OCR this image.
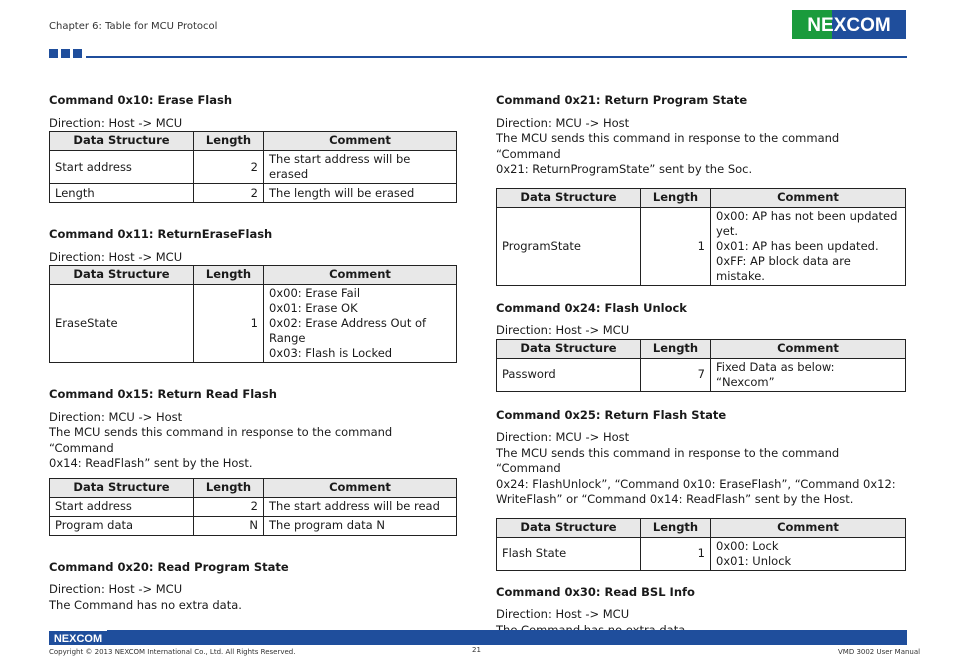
Chapter 6: Table for MCU Protocol	NEXCOM

Command 0x10: Erase Flash

Direction: Host -> MCU

Data Structure	Length	Comment
Start address	2	The start address will be erased
Length	2	The length will be erased

Command 0x11: ReturnEraseFlash

Direction: Host -> MCU

Data Structure	Length	Comment
EraseState	1	0x00: Erase Fail
0x01: Erase OK
0x02: Erase Address Out of Range
0x03: Flash is Locked

Command 0x15: Return Read Flash

Direction: MCU -> Host

The MCU sends this command in response to the command “Command

0x14: ReadFlash” sent by the Host.

Data Structure	Length	Comment
Start address	2	The start address will be read
Program data	N	The program data N

Command 0x20: Read Program State

Direction: Host -> MCU

The Command has no extra data.

Command 0x21: Return Program State

Direction: MCU -> Host

The MCU sends this command in response to the command “Command

0x21: ReturnProgramState” sent by the Soc.

Data Structure	Length	Comment
ProgramState	1	0x00: AP has not been updated yet.
0x01: AP has been updated.
0xFF: AP block data are mistake.

Command 0x24: Flash Unlock

Direction: Host -> MCU

Data Structure	Length	Comment
Password	7	Fixed Data as below:
“Nexcom”

Command 0x25: Return Flash State

Direction: MCU -> Host

The MCU sends this command in response to the command “Command

0x24: FlashUnlock”, “Command 0x10: EraseFlash”, “Command 0x12:

WriteFlash” or “Command 0x14: ReadFlash” sent by the Host.

Data Structure	Length	Comment
Flash State	1	0x00: Lock
0x01: Unlock

Command 0x30: Read BSL Info

Direction: Host -> MCU

NEXCOM
Copyright © 2013 NEXCOM International Co., Ltd. All Rights Reserved.	21	VMD 3002 User Manual
